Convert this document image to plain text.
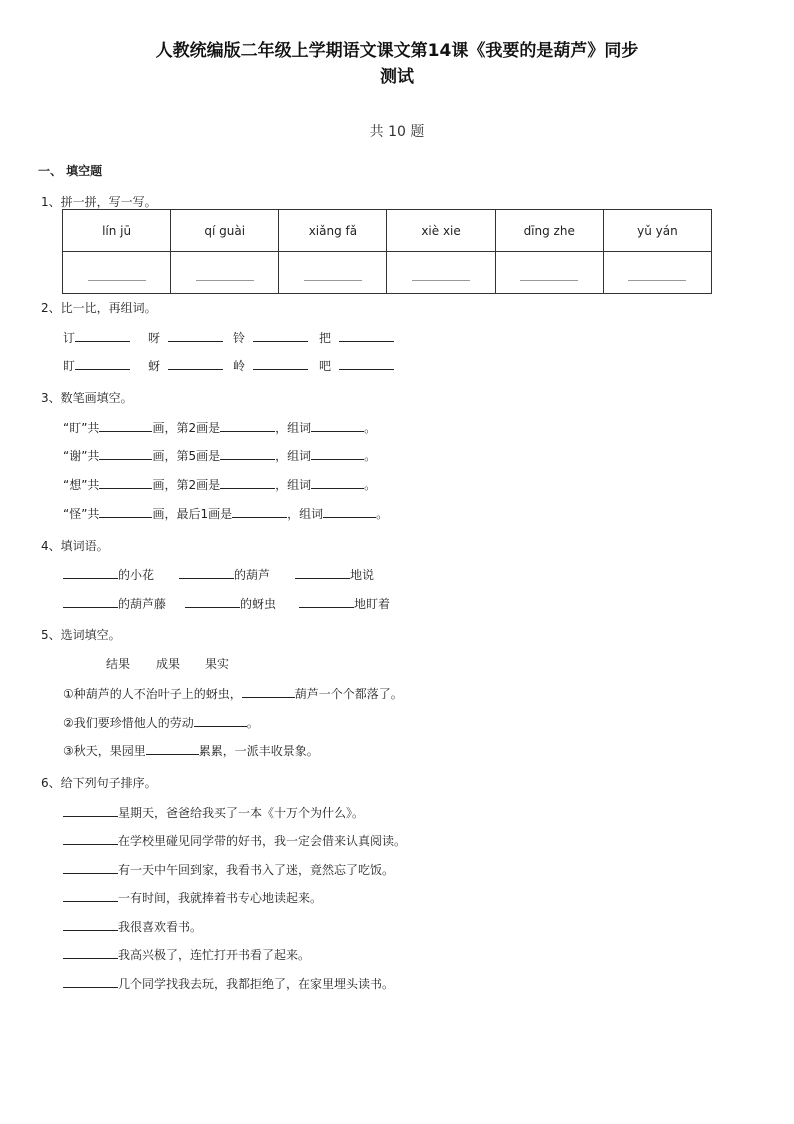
人教统编版二年级上学期语文课文第14课《我要的是葫芦》同步
测试
共 10 题
一、 填空题
1、拼一拼，写一写。
lín jū	qí guài	xiǎng fǎ	xiè xie	dīng zhe	yǔ yán

2、比一比，再组词。
订	呀	铃	把
盯	蚜	岭	吧
3、数笔画填空。
“盯”共	画，第2画是	，组词	。
“谢”共	画，第5画是	，组词	。
“想”共	画，第2画是	，组词	。
“怪”共	画，最后1画是	，组词	。
4、填词语。
的小花	的葫芦	地说
的葫芦藤	的蚜虫	地盯着
5、选词填空。
结果 成果 果实
①种葫芦的人不治叶子上的蚜虫，	葫芦一个个都落了。
②我们要珍惜他人的劳动	。
③秋天，果园里	累累，一派丰收景象。
6、给下列句子排序。
星期天，爸爸给我买了一本《十万个为什么》。
在学校里碰见同学带的好书，我一定会借来认真阅读。
有一天中午回到家，我看书入了迷，竟然忘了吃饭。
一有时间，我就捧着书专心地读起来。
我很喜欢看书。
我高兴极了，连忙打开书看了起来。
几个同学找我去玩，我都拒绝了，在家里埋头读书。
